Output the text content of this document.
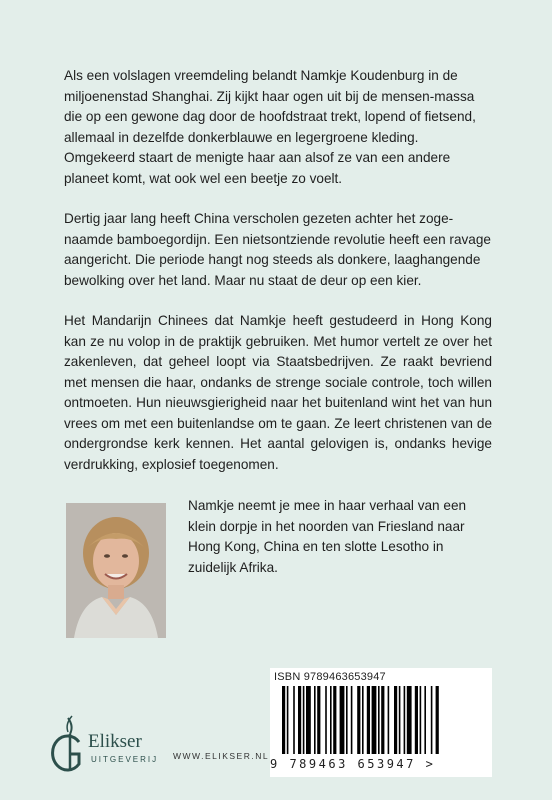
Als een volslagen vreemdeling belandt Namkje Koudenburg in de miljoenenstad Shanghai. Zij kijkt haar ogen uit bij de mensen-massa die op een gewone dag door de hoofdstraat trekt, lopend of fietsend, allemaal in dezelfde donkerblauwe en legergroene kleding. Omgekeerd staart de menigte haar aan alsof ze van een andere planeet komt, wat ook wel een beetje zo voelt.

Dertig jaar lang heeft China verscholen gezeten achter het zoge-naamde bamboegordijn. Een nietsontziende revolutie heeft een ravage aangericht. Die periode hangt nog steeds als donkere, laaghangende bewolking over het land. Maar nu staat de deur op een kier.

Het Mandarijn Chinees dat Namkje heeft gestudeerd in Hong Kong kan ze nu volop in de praktijk gebruiken. Met humor vertelt ze over het zakenleven, dat geheel loopt via Staatsbedrijven. Ze raakt bevriend met mensen die haar, ondanks de strenge sociale controle, toch willen ontmoeten. Hun nieuwsgierigheid naar het buitenland wint het van hun vrees om met een buitenlandse om te gaan. Ze leert christenen van de ondergrondse kerk kennen. Het aantal gelovigen is, ondanks hevige verdrukking, explosief toegenomen.

Namkje neemt je mee in haar verhaal van een klein dorpje in het noorden van Friesland naar Hong Kong, China en ten slotte Lesotho in zuidelijk Afrika.
ISBN 9789463653947
9 789463 653947 >
Elikser
UITGEVERIJ WWW.ELIKSER.NL
